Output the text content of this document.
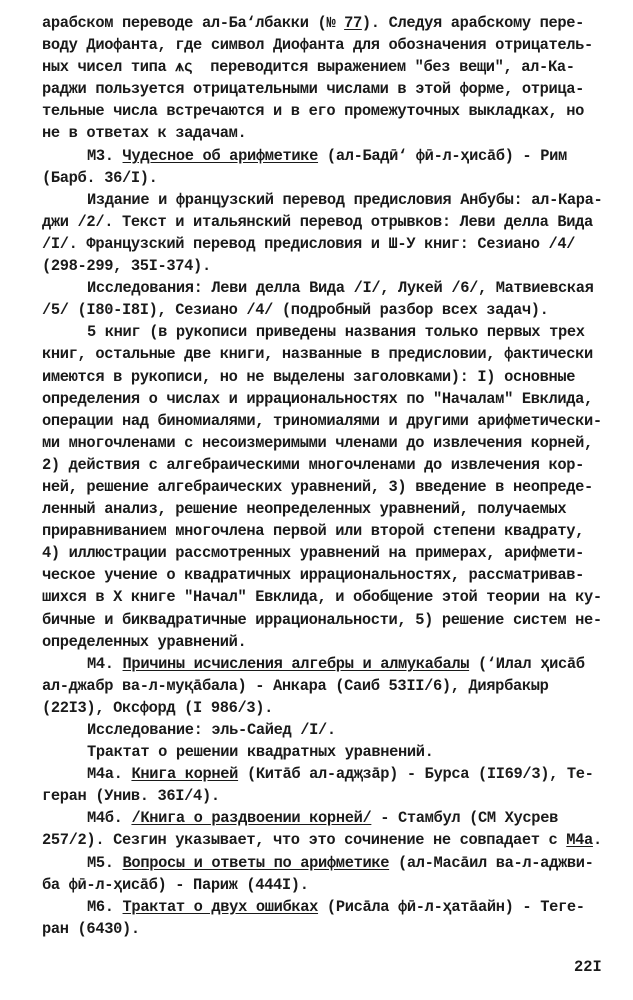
арабском переводе ал-Ба‘лбакки (№ 77). Следуя арабскому пере-
воду Диофанта, где символ Диофанта для обозначения отрицатель-
ных чисел типа ⩚ς  переводится выражением "без вещи", ал-Ка-
раджи пользуется отрицательными числами в этой форме, отрица-
тельные числа встречаются и в его промежуточных выкладках, но
не в ответах к задачам.
М3. Чудесное об арифметике (ал-Бадӣ‘ фӣ-л-ҳисāб) - Рим
(Барб. 36/I).
Издание и французский перевод предисловия Анбубы: ал-Кара-
джи /2/. Текст и итальянский перевод отрывков: Леви делла Вида
/I/. Французский перевод предисловия и Ш-У книг: Сезиано /4/
(298-299, 35I-374).
Исследования: Леви делла Вида /I/, Лукей /6/, Матвиевская
/5/ (I80-I8I), Сезиано /4/ (подробный разбор всех задач).
5 книг (в рукописи приведены названия только первых трех
книг, остальные две книги, названные в предисловии, фактически
имеются в рукописи, но не выделены заголовками): I) основные
определения о числах и иррациональностях по "Началам" Евклида,
операции над биномиалями, триномиалями и другими арифметически-
ми многочленами с несоизмеримыми членами до извлечения корней,
2) действия с алгебраическими многочленами до извлечения кор-
ней, решение алгебраических уравнений, 3) введение в неопреде-
ленный анализ, решение неопределенных уравнений, получаемых
приравниванием многочлена первой или второй степени квадрату,
4) иллюстрации рассмотренных уравнений на примерах, арифмети-
ческое учение о квадратичных иррациональностях, рассматривав-
шихся в X книге "Начал" Евклида, и обобщение этой теории на ку-
бичные и биквадратичные иррациональности, 5) решение систем не-
определенных уравнений.
М4. Причины исчисления алгебры и алмукабалы (‘Илал ҳисāб
ал-джабр ва-л-муқāбала) - Анкара (Саиб 53II/6), Диярбакыр
(22I3), Оксфорд (I 986/3).
Исследование: эль-Сайед /I/.
Трактат о решении квадратных уравнений.
М4а. Книга корней (Китāб ал-адҗзāр) - Бурса (II69/3), Те-
геран (Унив. 36I/4).
М4б. /Книга о раздвоении корней/ - Стамбул (СМ Хусрев
257/2). Сезгин указывает, что это сочинение не совпадает с М4а.
М5. Вопросы и ответы по арифметике (ал-Масāил ва-л-аджви-
ба фӣ-л-ҳисāб) - Париж (444I).
М6. Трактат о двух ошибках (Рисāла фӣ-л-ҳатāайн) - Теге-
ран (6430).
22I
